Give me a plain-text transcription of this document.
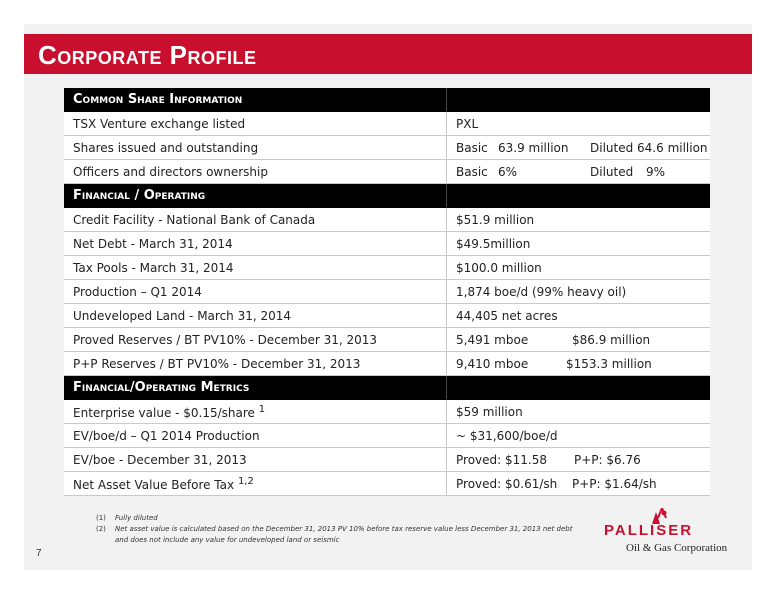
Corporate Profile
Common Share Information	
TSX Venture exchange listed	PXL
Shares issued and outstanding	Basic 63.9 million Diluted 64.6 million
Officers and directors ownership	Basic 6% Diluted 9%
Financial / Operating	
Credit Facility - National Bank of Canada	$51.9 million
Net Debt - March 31, 2014	$49.5million
Tax Pools - March 31, 2014	$100.0 million
Production – Q1 2014	1,874 boe/d (99% heavy oil)
Undeveloped Land - March 31, 2014	44,405 net acres
Proved Reserves / BT PV10% - December 31, 2013	5,491 mboe $86.9 million
P+P Reserves / BT PV10% - December 31, 2013	9,410 mboe $153.3 million
Financial/Operating Metrics	
Enterprise value - $0.15/share $^1$	$59 million
EV/boe/d – Q1 2014 Production	~ $31,600/boe/d
EV/boe - December 31, 2013	Proved: $11.58 P+P: $6.76
Net Asset Value Before Tax $^{1,2}$	Proved: $0.61/sh P+P: $1.64/sh
(1)	Fully diluted
(2)	Net asset value is calculated based on the December 31, 2013 PV 10% before tax reserve value less December 31, 2013 net debt and does not include any value for undeveloped land or seismic
7
PALLISER
Oil & Gas Corporation
